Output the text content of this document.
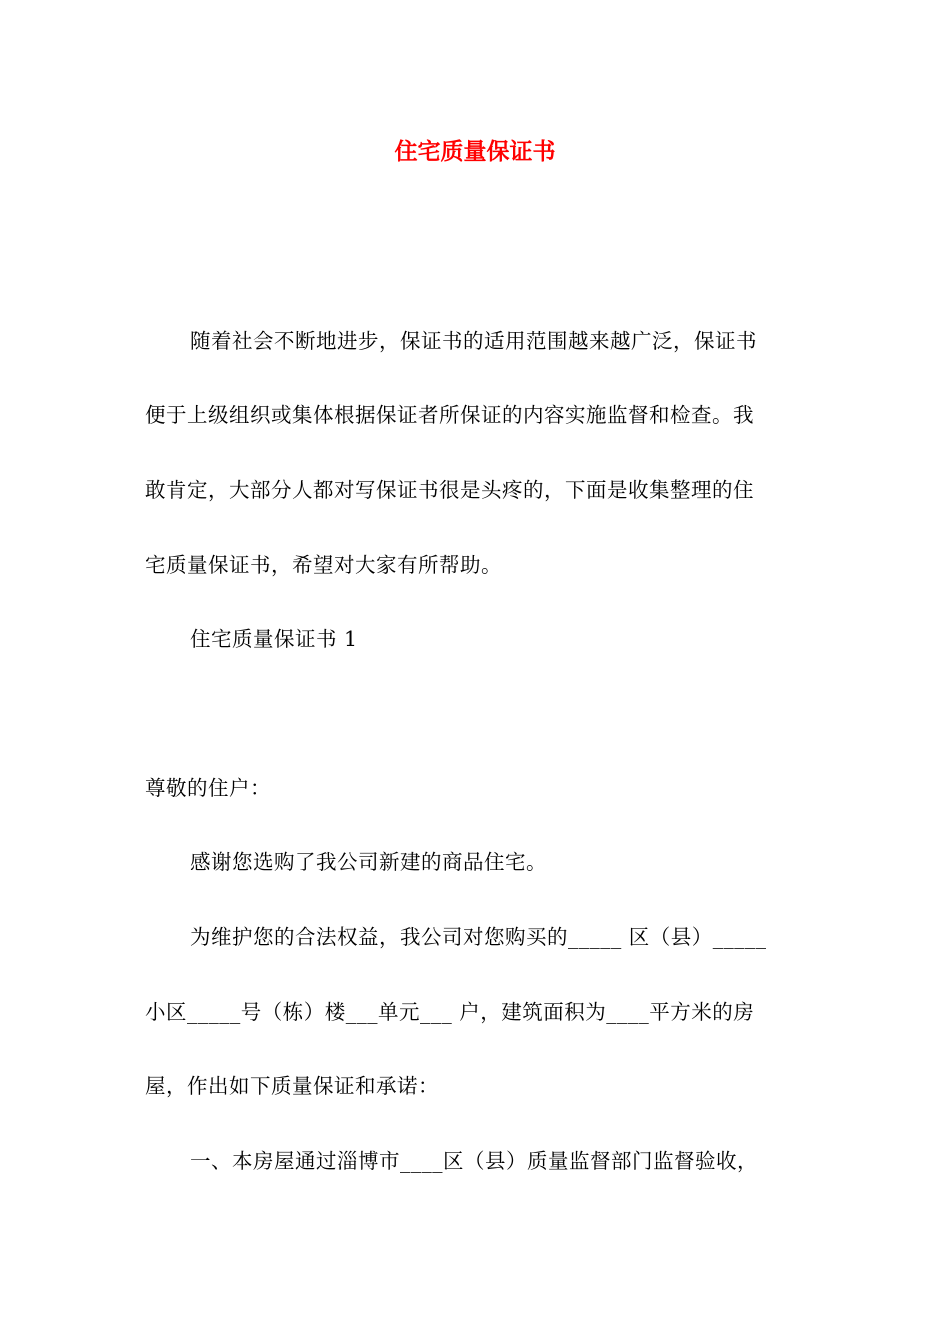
住宅质量保证书
随着社会不断地进步，保证书的适用范围越来越广泛，保证书
便于上级组织或集体根据保证者所保证的内容实施监督和检查。我
敢肯定，大部分人都对写保证书很是头疼的，下面是收集整理的住
宅质量保证书，希望对大家有所帮助。
住宅质量保证书 1
尊敬的住户：
感谢您选购了我公司新建的商品住宅。
为维护您的合法权益，我公司对您购买的_____ 区（县）_____
小区_____号（栋）楼___单元___ 户，建筑面积为____平方米的房
屋，作出如下质量保证和承诺：
一、本房屋通过淄博市____区（县）质量监督部门监督验收，
